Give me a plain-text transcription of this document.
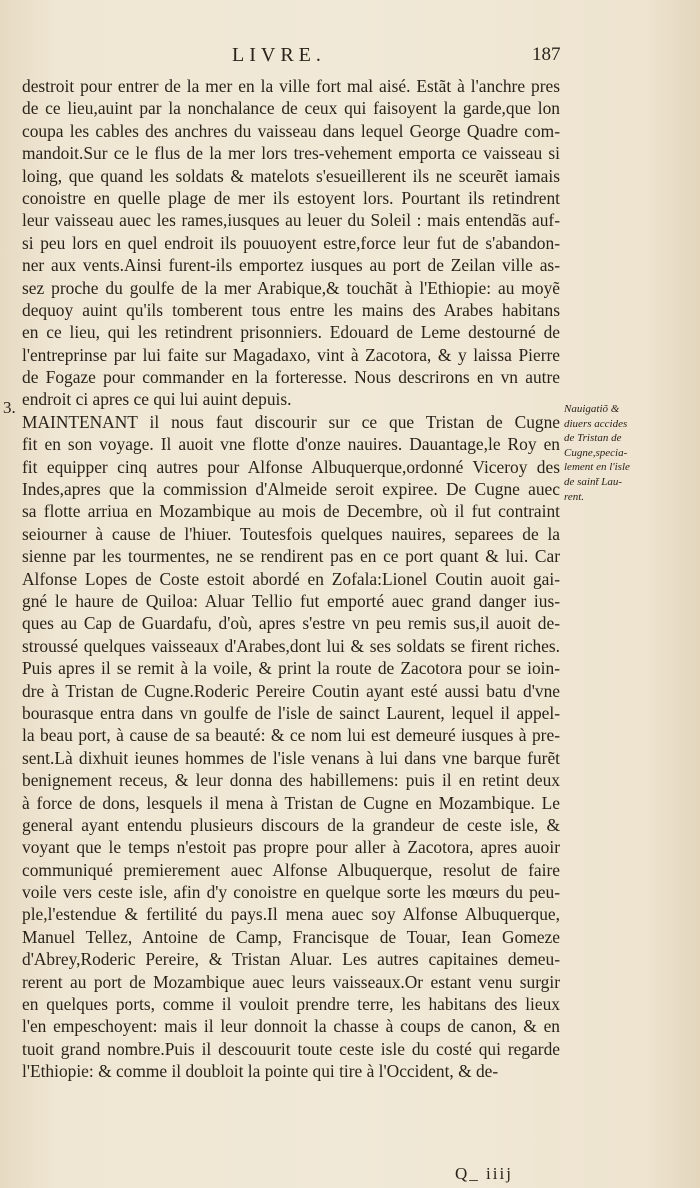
LIVRE.	187
3.
destroit pour entrer de la mer en la ville fort mal aisé. Estãt à l'anchre pres
de ce lieu,auint par la nonchalance de ceux qui faisoyent la garde,que lon
coupa les cables des anchres du vaisseau dans lequel George Quadre com-
mandoit.Sur ce le flus de la mer lors tres-vehement emporta ce vaisseau si
loing, que quand les soldats & matelots s'esueillerent ils ne sceurẽt iamais
conoistre en quelle plage de mer ils estoyent lors. Pourtant ils retindrent
leur vaisseau auec les rames,iusques au leuer du Soleil : mais entendãs auf-
si peu lors en quel endroit ils pouuoyent estre,force leur fut de s'abandon-
ner aux vents.Ainsi furent-ils emportez iusques au port de Zeilan ville as-
sez proche du goulfe de la mer Arabique,& touchãt à l'Ethiopie: au moyẽ
dequoy auint qu'ils tomberent tous entre les mains des Arabes habitans
en ce lieu, qui les retindrent prisonniers. Edouard de Leme destourné de
l'entreprinse par lui faite sur Magadaxo, vint à Zacotora, & y laissa Pierre
de Fogaze pour commander en la forteresse. Nous descrirons en vn autre
endroit ci apres ce qui lui auint depuis.
MAINTENANT il nous faut discourir sur ce que Tristan de Cugne
fit en son voyage. Il auoit vne flotte d'onze nauires. Dauantage,le Roy en
fit equipper cinq autres pour Alfonse Albuquerque,ordonné Viceroy des
Indes,apres que la commission d'Almeide seroit expiree. De Cugne auec
sa flotte arriua en Mozambique au mois de Decembre, où il fut contraint
seiourner à cause de l'hiuer. Toutesfois quelques nauires, separees de la
sienne par les tourmentes, ne se rendirent pas en ce port quant & lui. Car
Alfonse Lopes de Coste estoit abordé en Zofala:Lionel Coutin auoit gai-
gné le haure de Quiloa: Aluar Tellio fut emporté auec grand danger ius-
ques au Cap de Guardafu, d'où, apres s'estre vn peu remis sus,il auoit de-
stroussé quelques vaisseaux d'Arabes,dont lui & ses soldats se firent riches.
Puis apres il se remit à la voile, & print la route de Zacotora pour se ioin-
dre à Tristan de Cugne.Roderic Pereire Coutin ayant esté aussi batu d'vne
bourasque entra dans vn goulfe de l'isle de sainct Laurent, lequel il appel-
la beau port, à cause de sa beauté: & ce nom lui est demeuré iusques à pre-
sent.Là dixhuit ieunes hommes de l'isle venans à lui dans vne barque furẽt
benignement receus, & leur donna des habillemens: puis il en retint deux
à force de dons, lesquels il mena à Tristan de Cugne en Mozambique. Le
general ayant entendu plusieurs discours de la grandeur de ceste isle, &
voyant que le temps n'estoit pas propre pour aller à Zacotora, apres auoir
communiqué premierement auec Alfonse Albuquerque, resolut de faire
voile vers ceste isle, afin d'y conoistre en quelque sorte les mœurs du peu-
ple,l'estendue & fertilité du pays.Il mena auec soy Alfonse Albuquerque,
Manuel Tellez, Antoine de Camp, Francisque de Touar, Iean Gomeze
d'Abrey,Roderic Pereire, & Tristan Aluar. Les autres capitaines demeu-
rerent au port de Mozambique auec leurs vaisseaux.Or estant venu surgir
en quelques ports, comme il vouloit prendre terre, les habitans des lieux
l'en empeschoyent: mais il leur donnoit la chasse à coups de canon, & en
tuoit grand nombre.Puis il descouurit toute ceste isle du costé qui regarde
l'Ethiopie: & comme il doubloit la pointe qui tire à l'Occident, & de-
Nauigatiõ &
diuers accides
de Tristan de
Cugne,specia-
lement en l'isle
de saint̄ Lau-
rent.
Q_ iiij
